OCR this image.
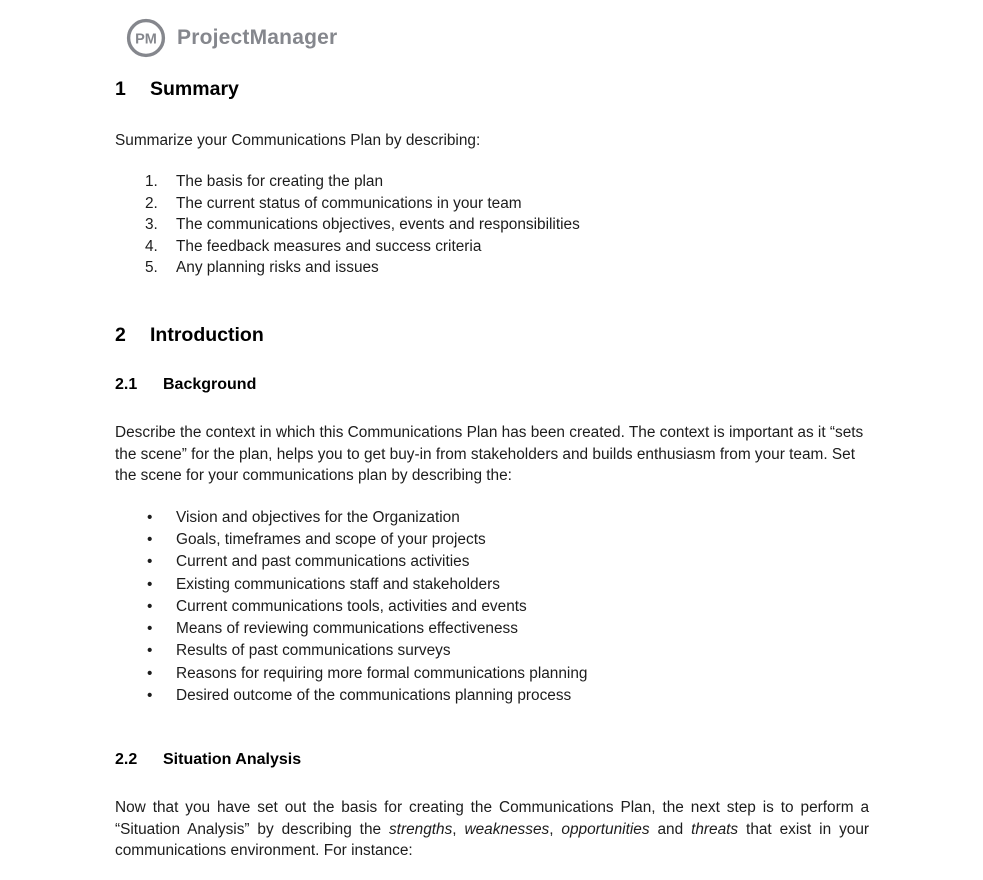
PM ProjectManager
1	Summary

Summarize your Communications Plan by describing:

1.	The basis for creating the plan
2.	The current status of communications in your team
3.	The communications objectives, events and responsibilities
4.	The feedback measures and success criteria
5.	Any planning risks and issues
2	Introduction
2.1	Background

Describe the context in which this Communications Plan has been created. The context is important as it “sets the scene” for the plan, helps you to get buy-in from stakeholders and builds enthusiasm from your team. Set the scene for your communications plan by describing the:

•	Vision and objectives for the Organization
•	Goals, timeframes and scope of your projects
•	Current and past communications activities
•	Existing communications staff and stakeholders
•	Current communications tools, activities and events
•	Means of reviewing communications effectiveness
•	Results of past communications surveys
•	Reasons for requiring more formal communications planning
•	Desired outcome of the communications planning process
2.2	Situation Analysis

Now that you have set out the basis for creating the Communications Plan, the next step is to perform a “Situation Analysis” by describing the strengths, weaknesses, opportunities and threats that exist in your communications environment. For instance:
